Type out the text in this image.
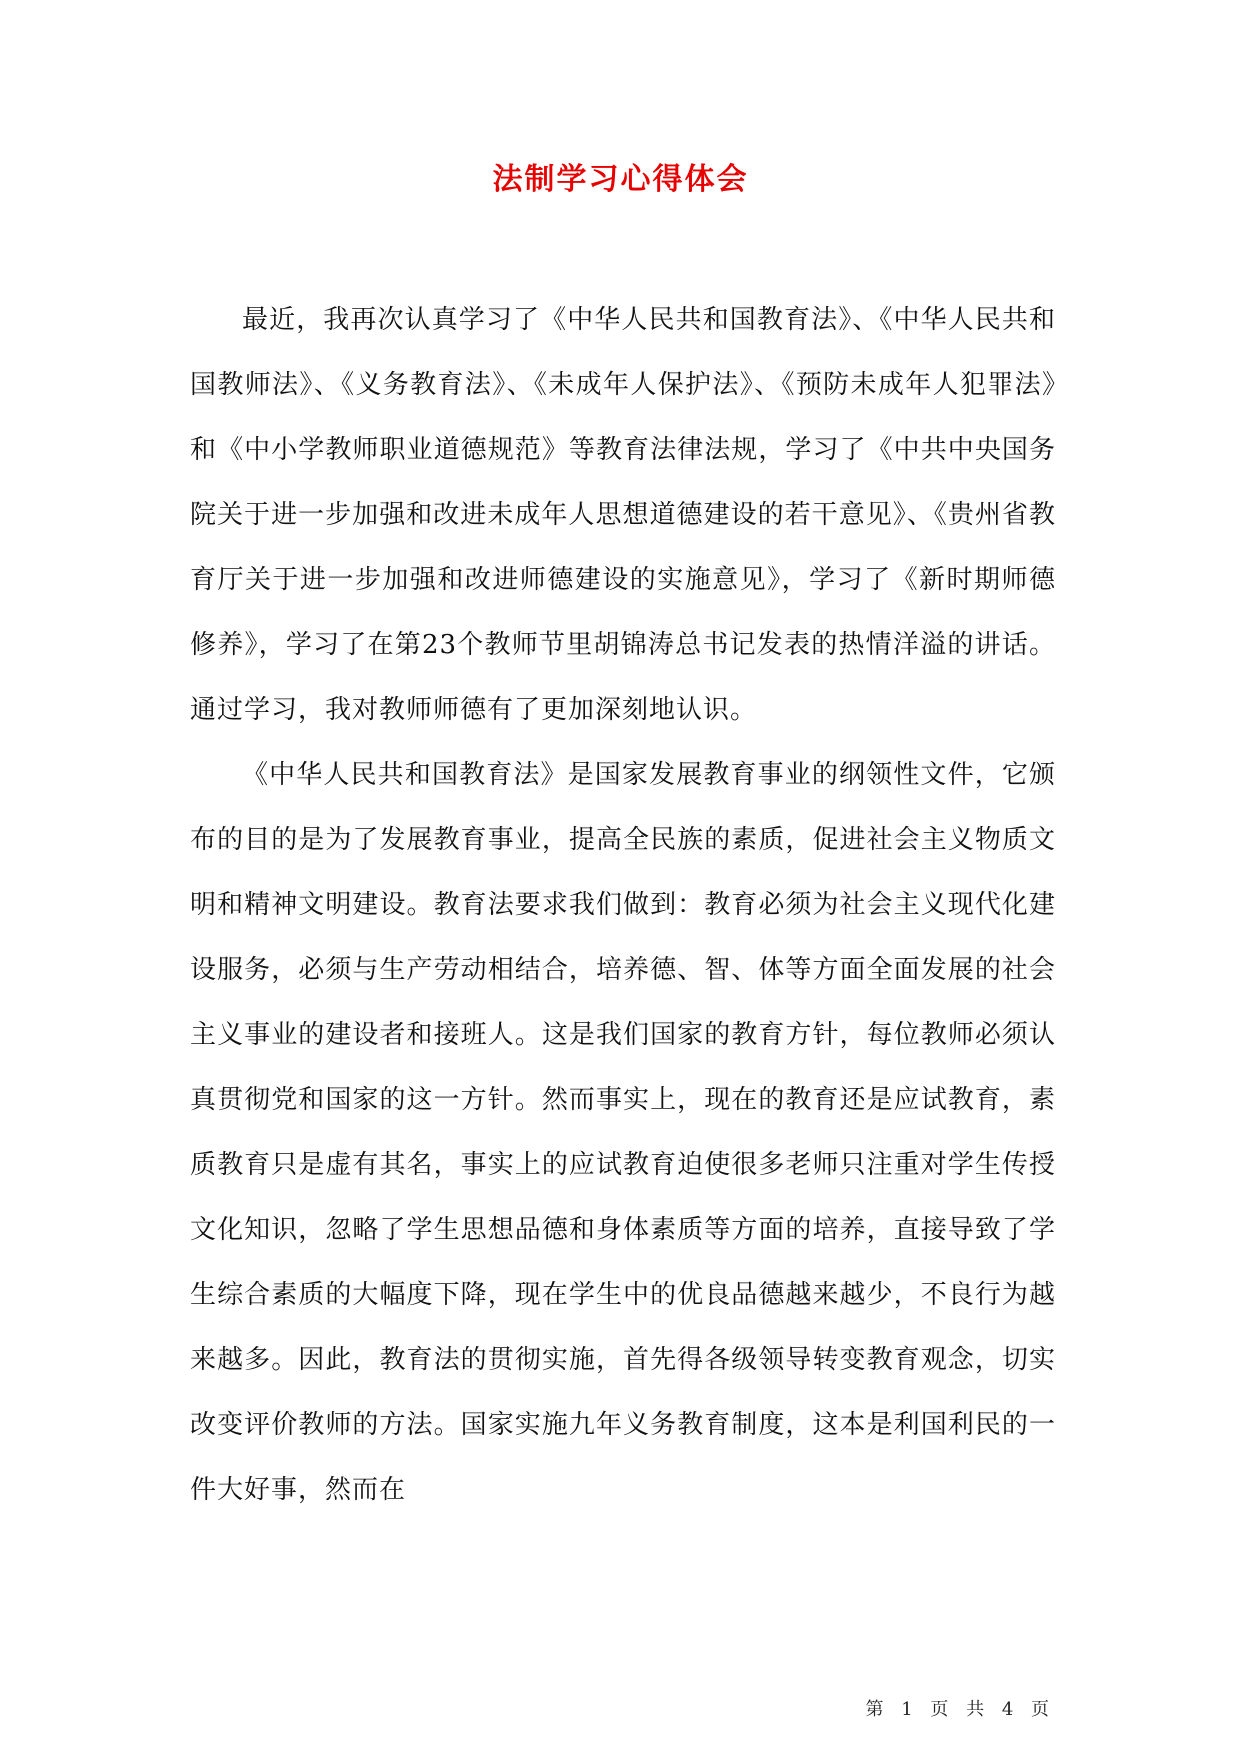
法制学习心得体会

最近，我再次认真学习了《中华人民共和国教育法》、《中华人民共和国教师法》、《义务教育法》、《未成年人保护法》、《预防未成年人犯罪法》和《中小学教师职业道德规范》等教育法律法规，学习了《中共中央国务院关于进一步加强和改进未成年人思想道德建设的若干意见》、《贵州省教育厅关于进一步加强和改进师德建设的实施意见》，学习了《新时期师德修养》，学习了在第23个教师节里胡锦涛总书记发表的热情洋溢的讲话。通过学习，我对教师师德有了更加深刻地认识。

《中华人民共和国教育法》是国家发展教育事业的纲领性文件，它颁布的目的是为了发展教育事业，提高全民族的素质，促进社会主义物质文明和精神文明建设。教育法要求我们做到：教育必须为社会主义现代化建设服务，必须与生产劳动相结合，培养德、智、体等方面全面发展的社会主义事业的建设者和接班人。这是我们国家的教育方针，每位教师必须认真贯彻党和国家的这一方针。然而事实上，现在的教育还是应试教育，素质教育只是虚有其名，事实上的应试教育迫使很多老师只注重对学生传授文化知识，忽略了学生思想品德和身体素质等方面的培养，直接导致了学生综合素质的大幅度下降，现在学生中的优良品德越来越少，不良行为越来越多。因此，教育法的贯彻实施，首先得各级领导转变教育观念，切实改变评价教师的方法。国家实施九年义务教育制度，这本是利国利民的一件大好事，然而在

第 1 页 共 4 页
